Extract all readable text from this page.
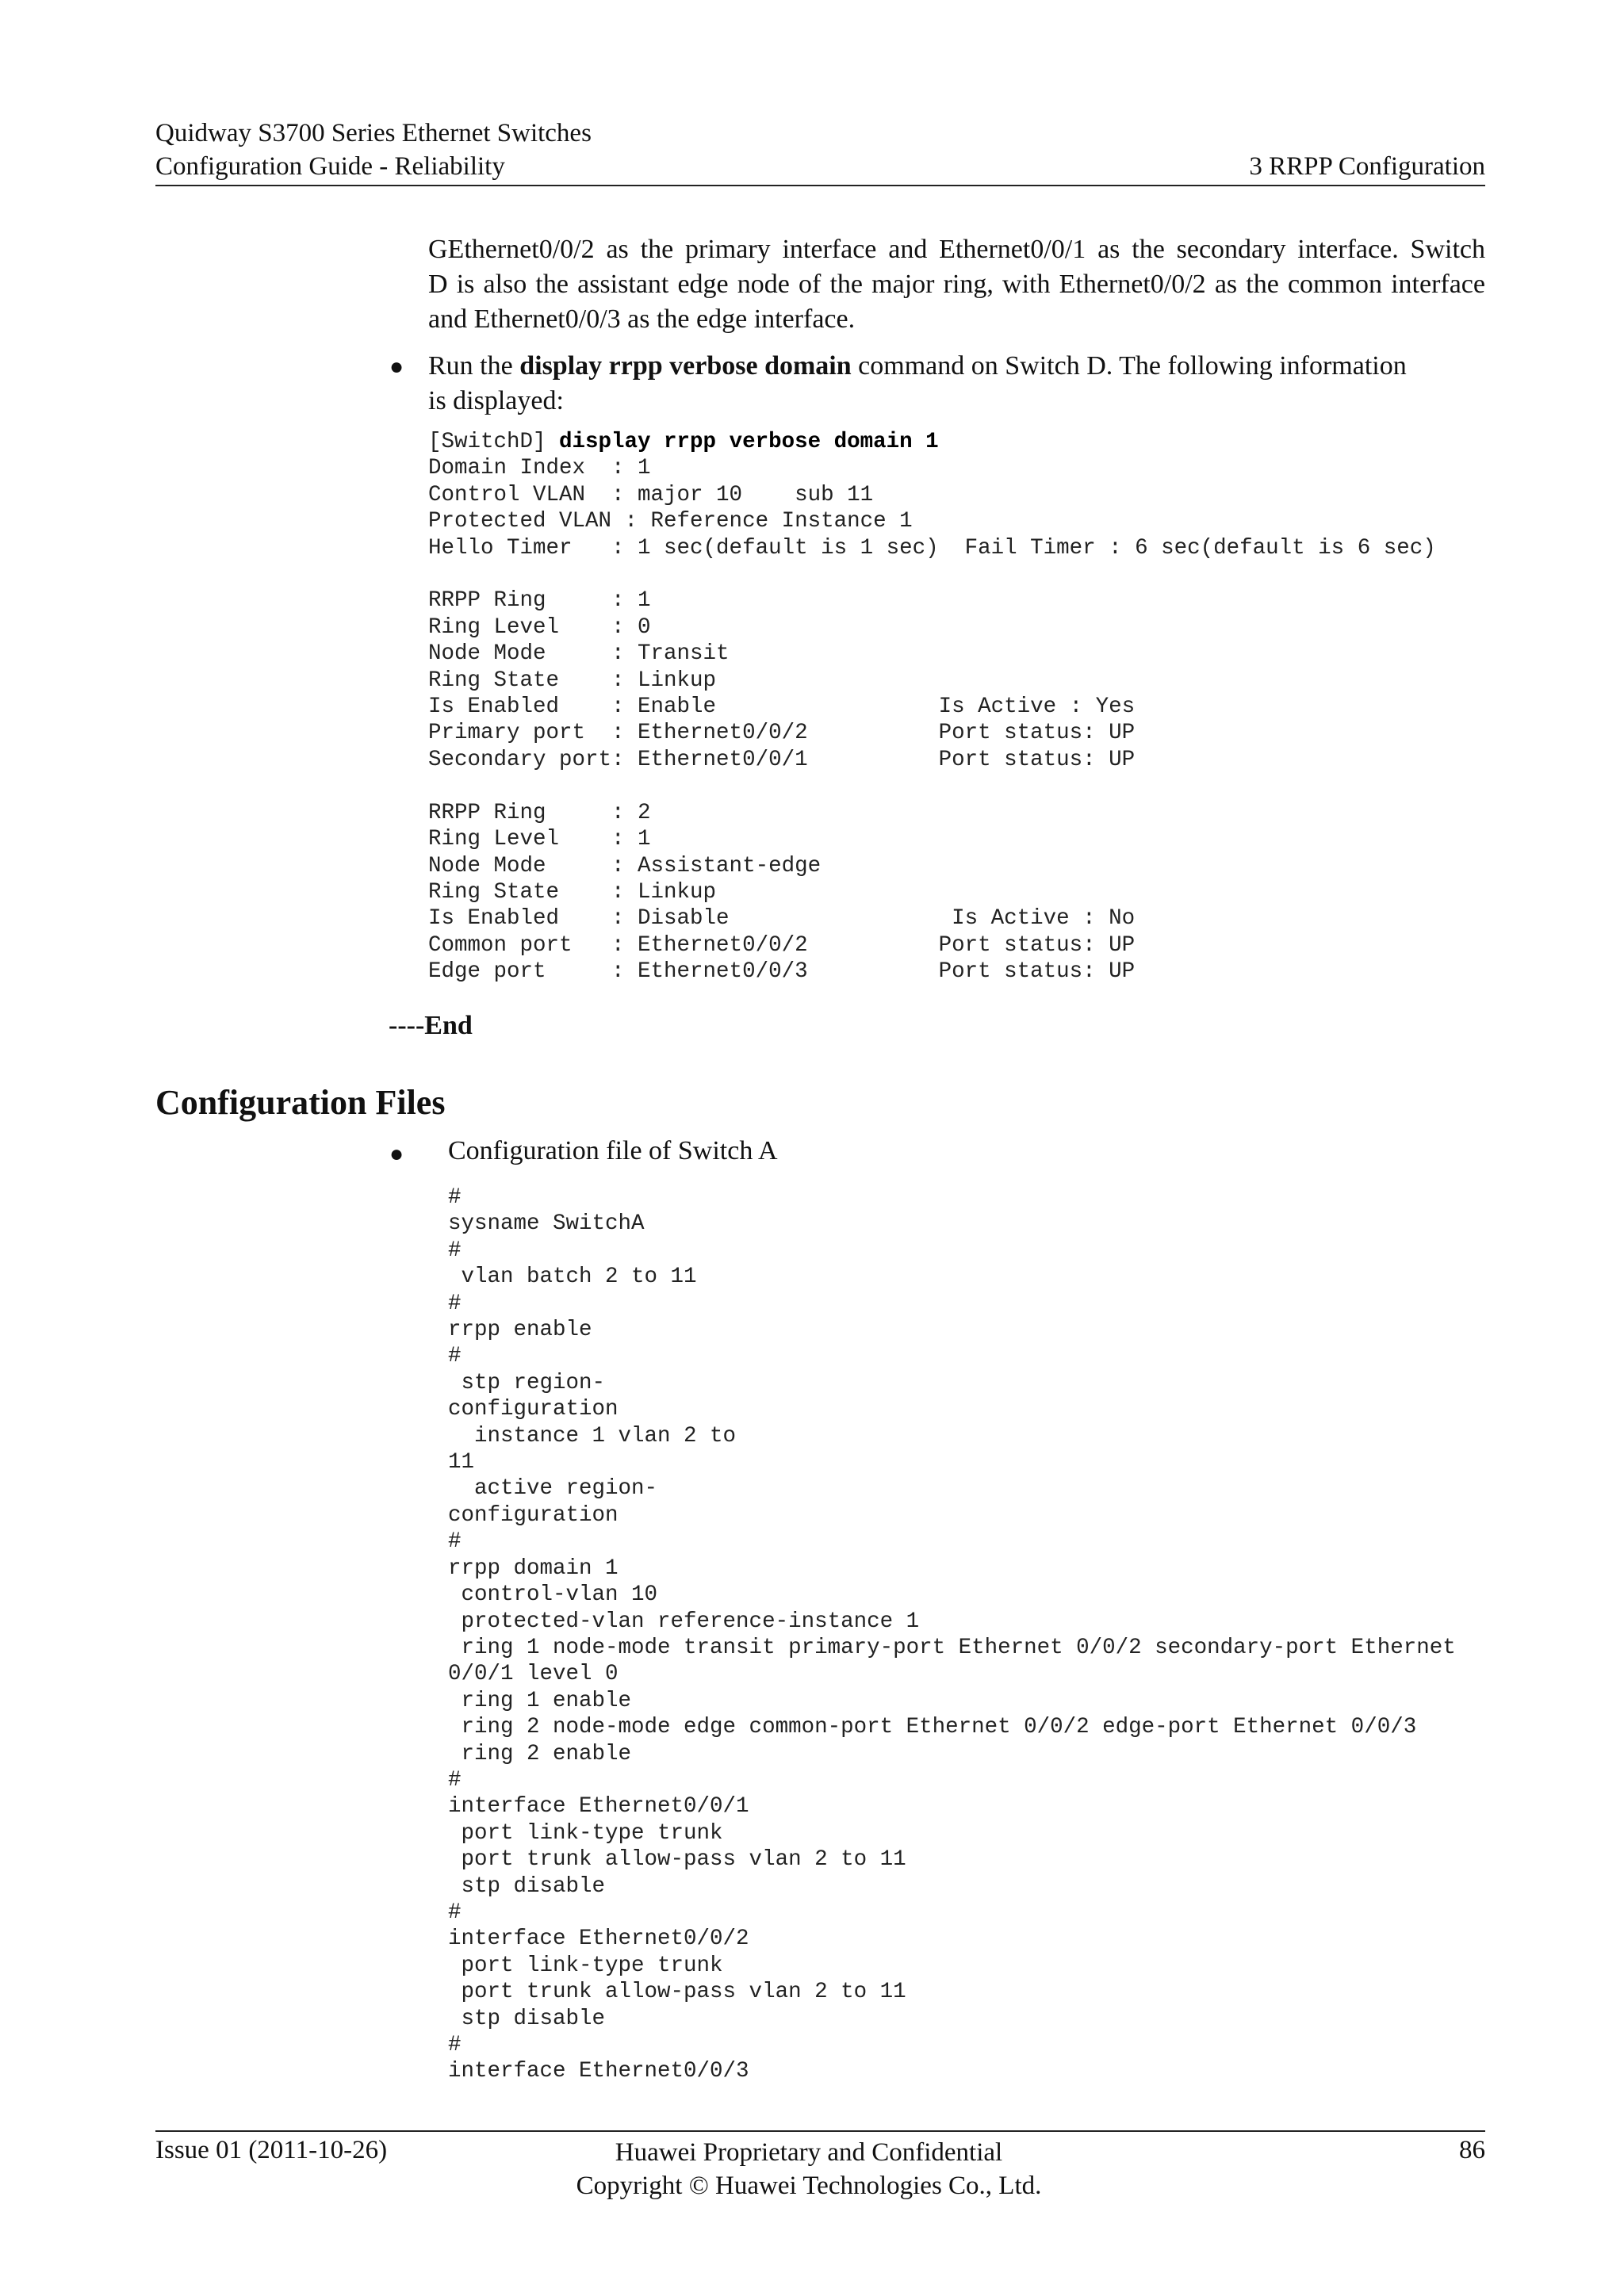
Quidway S3700 Series Ethernet Switches
Configuration Guide - Reliability	3 RRPP Configuration
GEthernet0/0/2 as the primary interface and Ethernet0/0/1 as the secondary interface. Switch
D is also the assistant edge node of the major ring, with Ethernet0/0/2 as the common interface
and Ethernet0/0/3 as the edge interface.
● Run the display rrpp verbose domain command on Switch D. The following information
is displayed:
[SwitchD] display rrpp verbose domain 1
Domain Index  : 1
Control VLAN  : major 10    sub 11
Protected VLAN : Reference Instance 1
Hello Timer   : 1 sec(default is 1 sec)  Fail Timer : 6 sec(default is 6 sec)

RRPP Ring     : 1
Ring Level    : 0
Node Mode     : Transit
Ring State    : Linkup
Is Enabled    : Enable                 Is Active : Yes
Primary port  : Ethernet0/0/2          Port status: UP
Secondary port: Ethernet0/0/1          Port status: UP

RRPP Ring     : 2
Ring Level    : 1
Node Mode     : Assistant-edge
Ring State    : Linkup
Is Enabled    : Disable                 Is Active : No
Common port   : Ethernet0/0/2          Port status: UP
Edge port     : Ethernet0/0/3          Port status: UP
----End
Configuration Files
● Configuration file of Switch A
#
sysname SwitchA
#
vlan batch 2 to 11
#
rrpp enable
#
stp region-
configuration
instance 1 vlan 2 to
11
active region-
configuration
#
rrpp domain 1
control-vlan 10
protected-vlan reference-instance 1
ring 1 node-mode transit primary-port Ethernet 0/0/2 secondary-port Ethernet
0/0/1 level 0
ring 1 enable
ring 2 node-mode edge common-port Ethernet 0/0/2 edge-port Ethernet 0/0/3
ring 2 enable
#
interface Ethernet0/0/1
port link-type trunk
port trunk allow-pass vlan 2 to 11
stp disable
#
interface Ethernet0/0/2
port link-type trunk
port trunk allow-pass vlan 2 to 11
stp disable
#
interface Ethernet0/0/3
Issue 01 (2011-10-26)	Huawei Proprietary and Confidential
Copyright © Huawei Technologies Co., Ltd.
86
